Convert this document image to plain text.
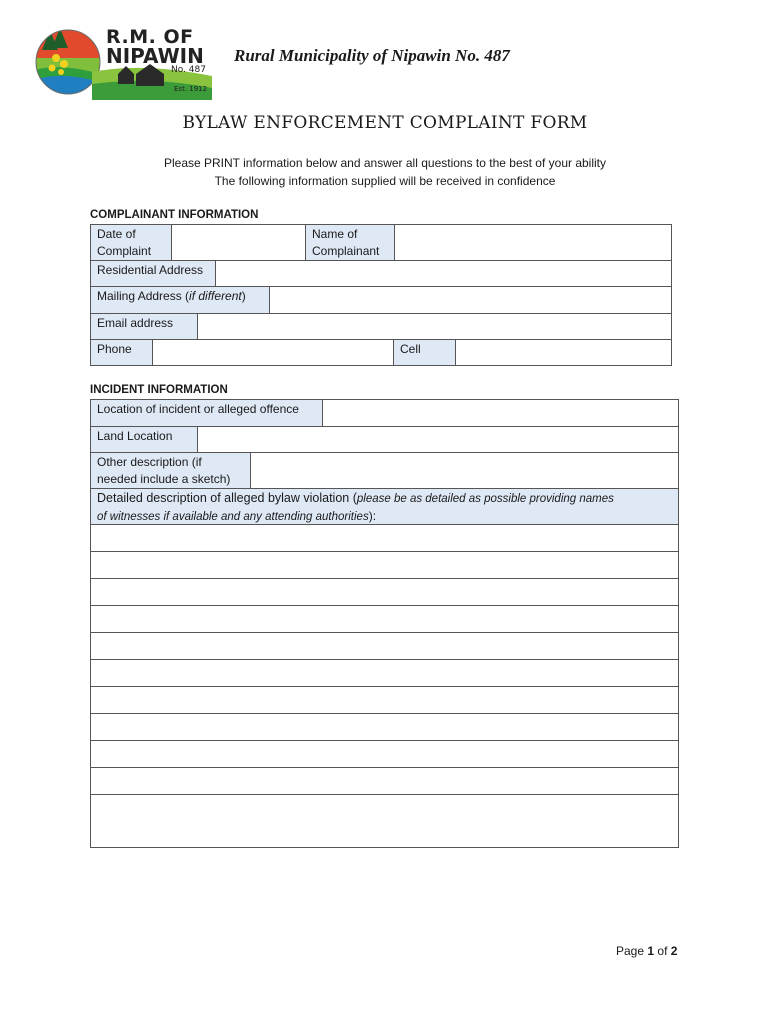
R.M. OF
NIPAWIN
No. 487
Est. 1912
Rural Municipality of Nipawin No. 487
BYLAW ENFORCEMENT COMPLAINT FORM
Please PRINT information below and answer all questions to the best of your ability
The following information supplied will be received in confidence
COMPLAINANT INFORMATION
Date of
Complaint
Name of
Complainant
Residential Address
Mailing Address (if different)
Email address
Phone	Cell
INCIDENT INFORMATION
Location of incident or alleged offence
Land Location
Other description (if
needed include a sketch)
Detailed description of alleged bylaw violation (please be as detailed as possible providing names
of witnesses if available and any attending authorities):
Page 1 of 2
